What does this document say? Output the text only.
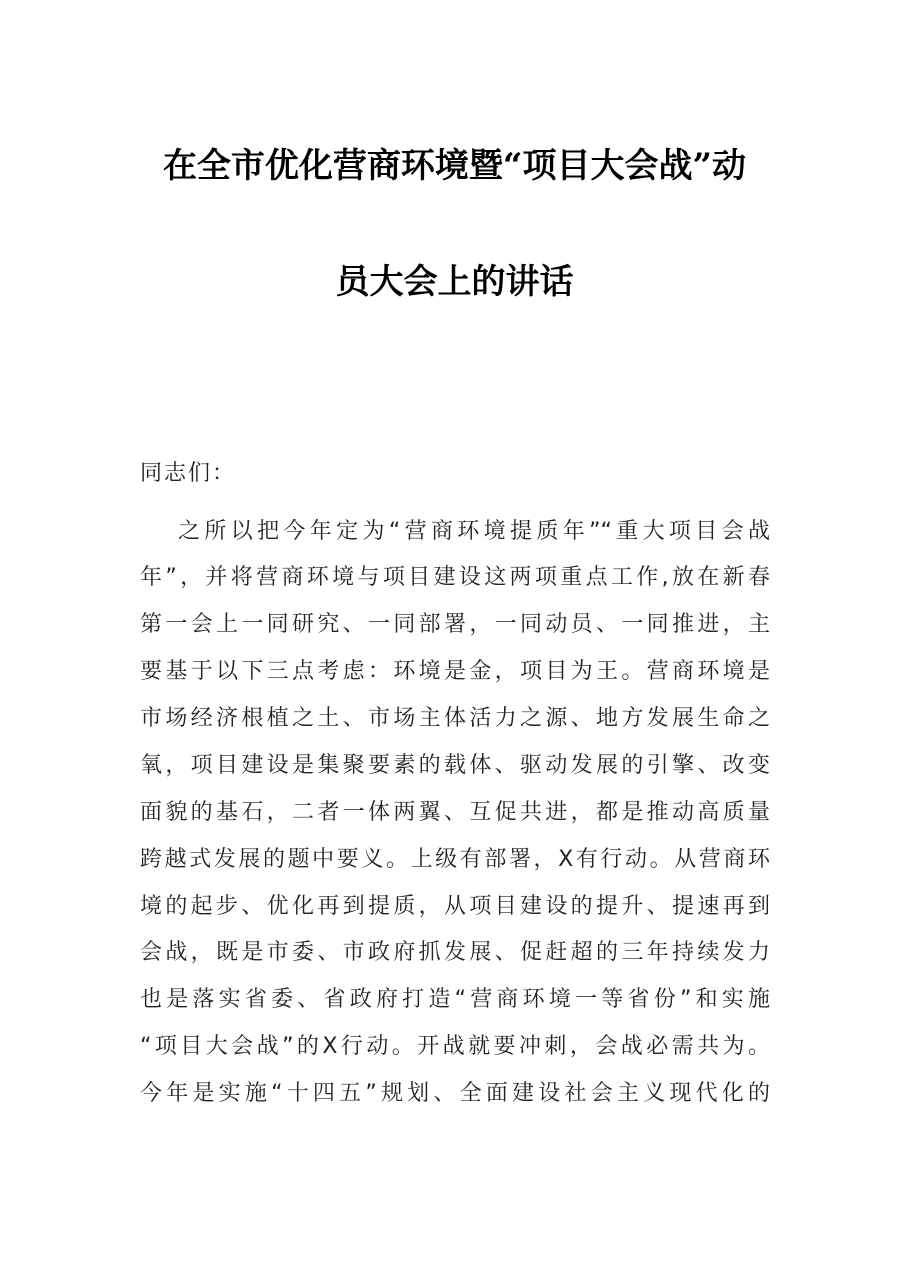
在全市优化营商环境暨“项目大会战”动
员大会上的讲话

同志们：

之所以把今年定为“营商环境提质年”“重大项目会战

年”，并将营商环境与项目建设这两项重点工作,放在新春

第一会上一同研究、一同部署，一同动员、一同推进，主

要基于以下三点考虑：环境是金，项目为王。营商环境是

市场经济根植之土、市场主体活力之源、地方发展生命之

氧，项目建设是集聚要素的载体、驱动发展的引擎、改变

面貌的基石，二者一体两翼、互促共进，都是推动高质量

跨越式发展的题中要义。上级有部署，X有行动。从营商环

境的起步、优化再到提质，从项目建设的提升、提速再到

会战，既是市委、市政府抓发展、促赶超的三年持续发力

也是落实省委、省政府打造“营商环境一等省份”和实施

“项目大会战”的X行动。开战就要冲刺，会战必需共为。

今年是实施“十四五”规划、全面建设社会主义现代化的
